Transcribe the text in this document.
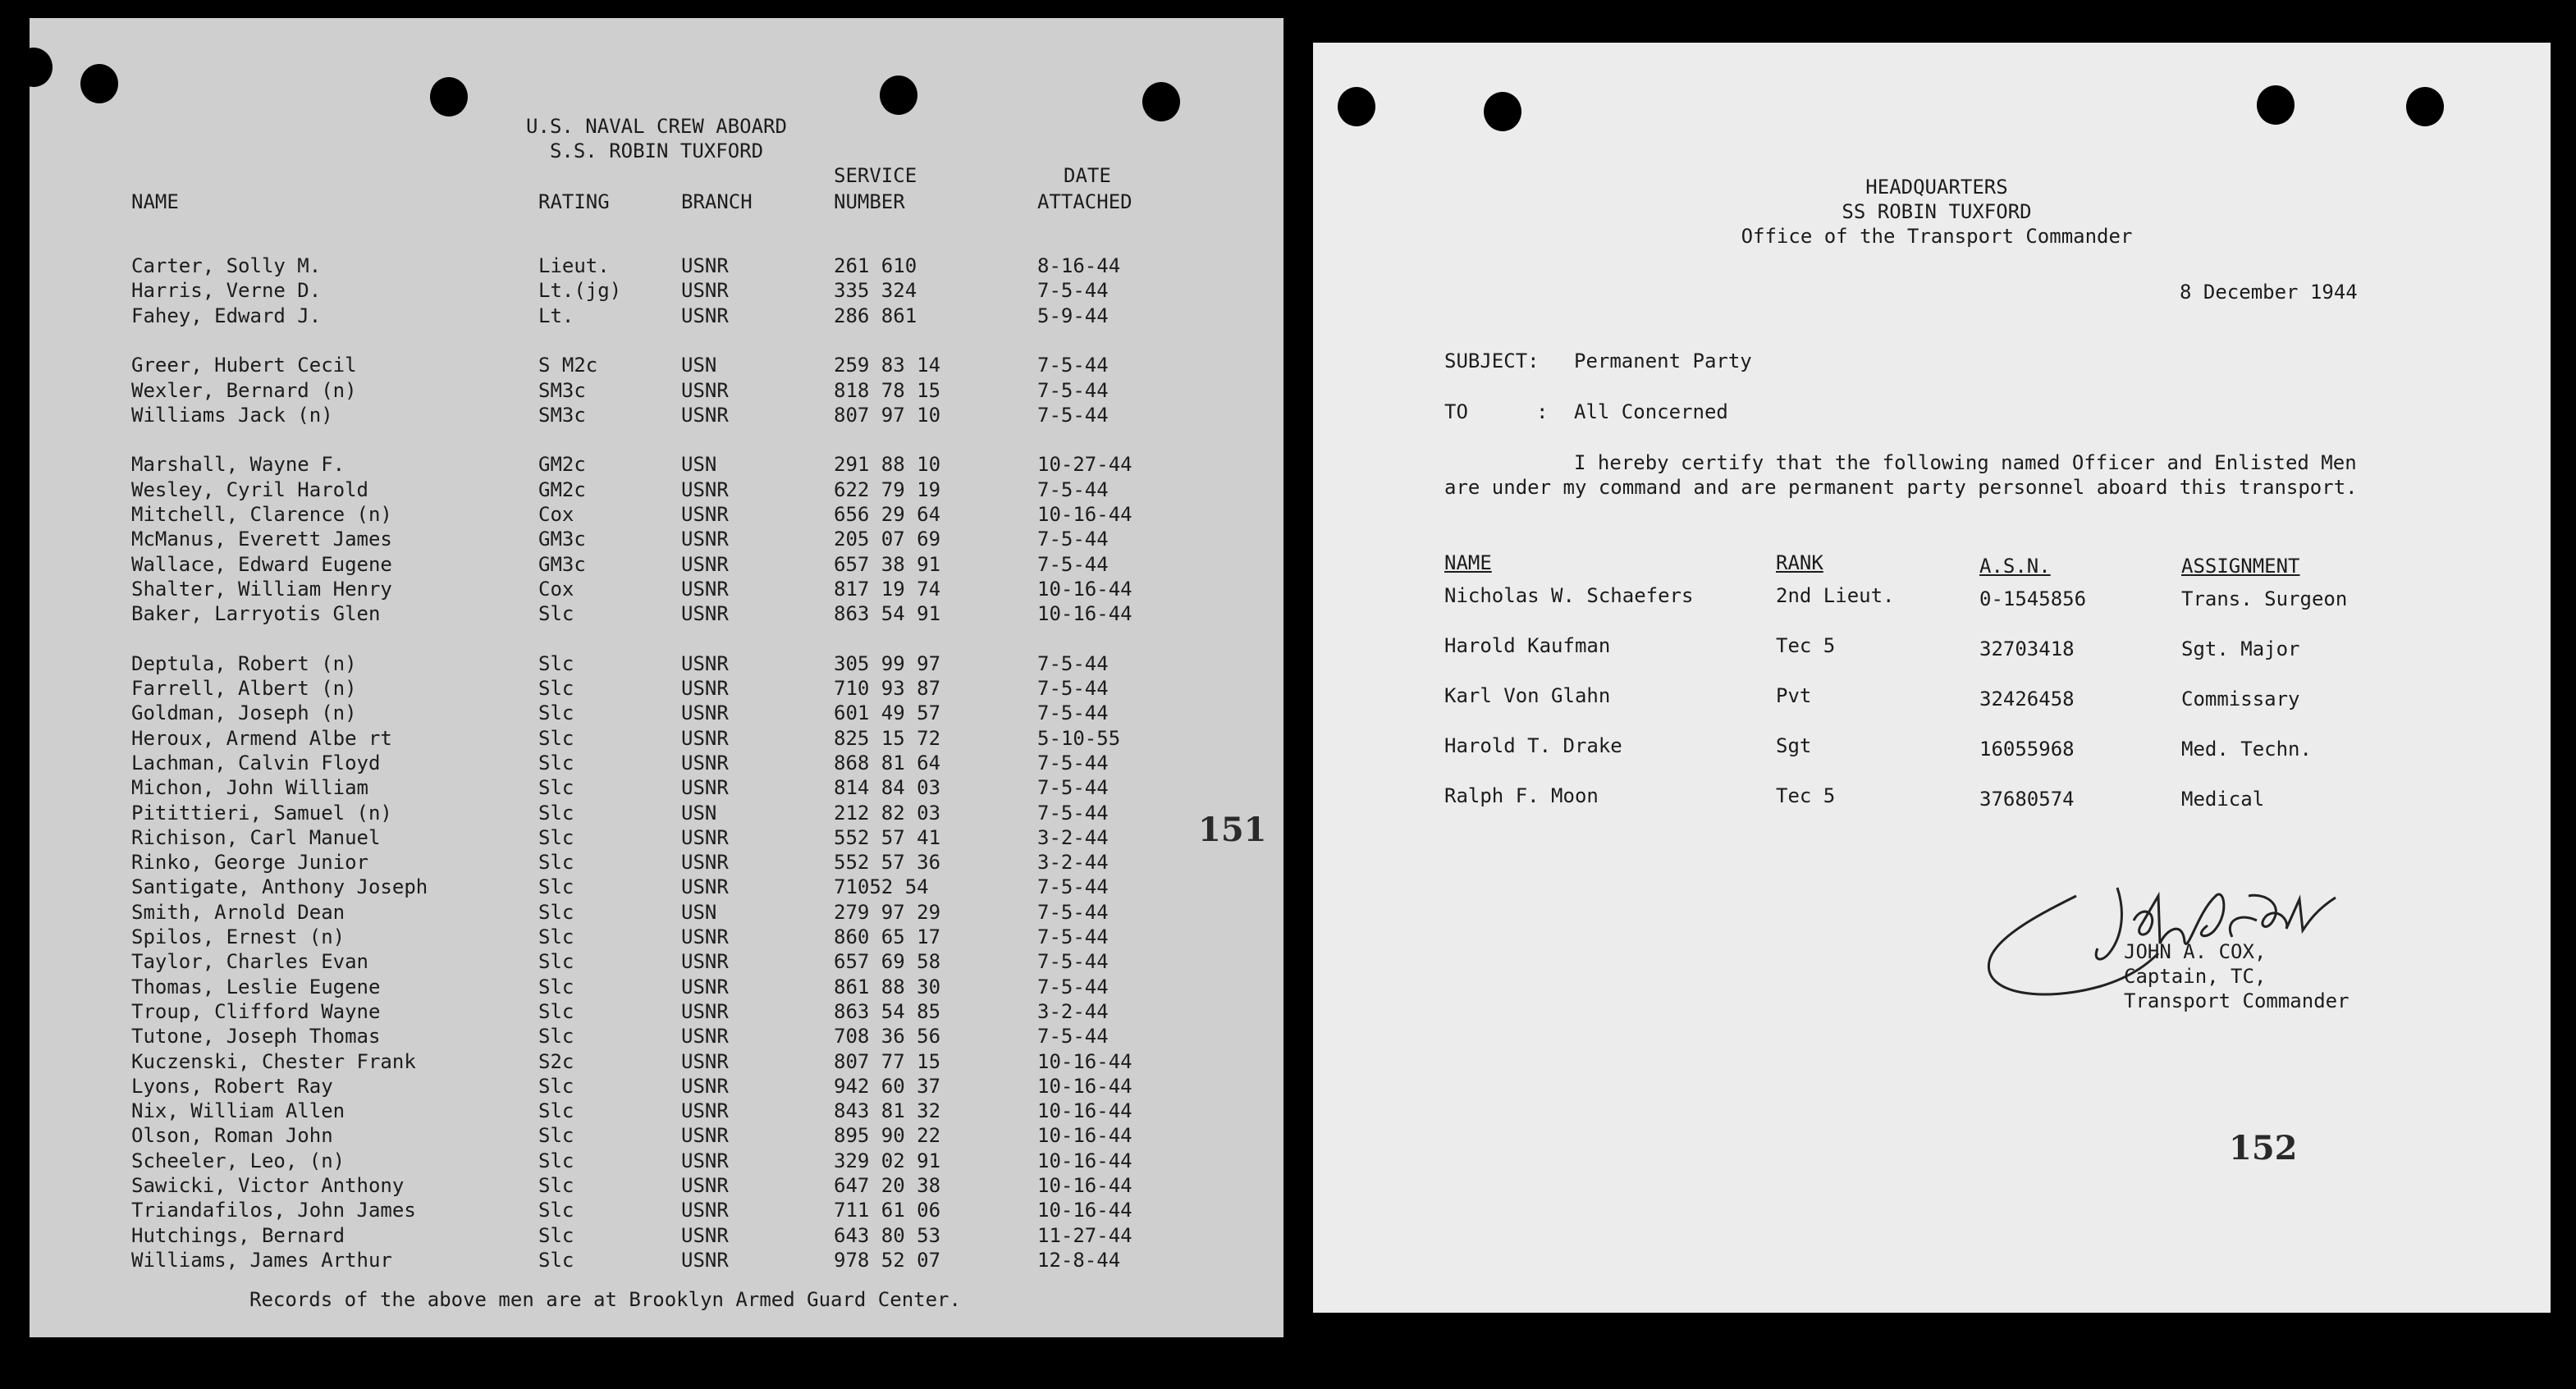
U.S. NAVAL CREW ABOARD
S.S. ROBIN TUXFORD
SERVICE	DATE
NAME	RATING	BRANCH	NUMBER	ATTACHED
Carter, Solly M.	Lieut.	USNR	261 610	8-16-44
Harris, Verne D.	Lt.(jg)	USNR	335 324	7-5-44
Fahey, Edward J.	Lt.	USNR	286 861	5-9-44
Greer, Hubert Cecil	S M2c	USN	259 83 14	7-5-44
Wexler, Bernard (n)	SM3c	USNR	818 78 15	7-5-44
Williams Jack (n)	SM3c	USNR	807 97 10	7-5-44
Marshall, Wayne F.	GM2c	USN	291 88 10	10-27-44
Wesley, Cyril Harold	GM2c	USNR	622 79 19	7-5-44
Mitchell, Clarence (n)	Cox	USNR	656 29 64	10-16-44
McManus, Everett James	GM3c	USNR	205 07 69	7-5-44
Wallace, Edward Eugene	GM3c	USNR	657 38 91	7-5-44
Shalter, William Henry	Cox	USNR	817 19 74	10-16-44
Baker, Larryotis Glen	Slc	USNR	863 54 91	10-16-44
Deptula, Robert (n)	Slc	USNR	305 99 97	7-5-44
Farrell, Albert (n)	Slc	USNR	710 93 87	7-5-44
Goldman, Joseph (n)	Slc	USNR	601 49 57	7-5-44
Heroux, Armend Albe rt	Slc	USNR	825 15 72	5-10-55
Lachman, Calvin Floyd	Slc	USNR	868 81 64	7-5-44
Michon, John William	Slc	USNR	814 84 03	7-5-44
Pitittieri, Samuel (n)	Slc	USN	212 82 03	7-5-44
Richison, Carl Manuel	Slc	USNR	552 57 41	3-2-44
Rinko, George Junior	Slc	USNR	552 57 36	3-2-44
Santigate, Anthony Joseph	Slc	USNR	71052 54	7-5-44
Smith, Arnold Dean	Slc	USN	279 97 29	7-5-44
Spilos, Ernest (n)	Slc	USNR	860 65 17	7-5-44
Taylor, Charles Evan	Slc	USNR	657 69 58	7-5-44
Thomas, Leslie Eugene	Slc	USNR	861 88 30	7-5-44
Troup, Clifford Wayne	Slc	USNR	863 54 85	3-2-44
Tutone, Joseph Thomas	Slc	USNR	708 36 56	7-5-44
Kuczenski, Chester Frank	S2c	USNR	807 77 15	10-16-44
Lyons, Robert Ray	Slc	USNR	942 60 37	10-16-44
Nix, William Allen	Slc	USNR	843 81 32	10-16-44
Olson, Roman John	Slc	USNR	895 90 22	10-16-44
Scheeler, Leo, (n)	Slc	USNR	329 02 91	10-16-44
Sawicki, Victor Anthony	Slc	USNR	647 20 38	10-16-44
Triandafilos, John James	Slc	USNR	711 61 06	10-16-44
Hutchings, Bernard	Slc	USNR	643 80 53	11-27-44
Williams, James Arthur	Slc	USNR	978 52 07	12-8-44
151
Records of the above men are at Brooklyn Armed Guard Center.
HEADQUARTERS
SS ROBIN TUXFORD
Office of the Transport Commander
8 December 1944
SUBJECT: Permanent Party
TO	: All Concerned
I hereby certify that the following named Officer and Enlisted Men
are under my command and are permanent party personnel aboard this transport.
NAME	RANK	A.S.N.	ASSIGNMENT
Nicholas W. Schaefers	2nd Lieut.	0-1545856	Trans. Surgeon
Harold Kaufman	Tec 5	32703418	Sgt. Major
Karl Von Glahn	Pvt	32426458	Commissary
Harold T. Drake	Sgt	16055968	Med. Techn.
Ralph F. Moon	Tec 5	37680574	Medical
JOHN A. COX,
Captain, TC,
Transport Commander
152
